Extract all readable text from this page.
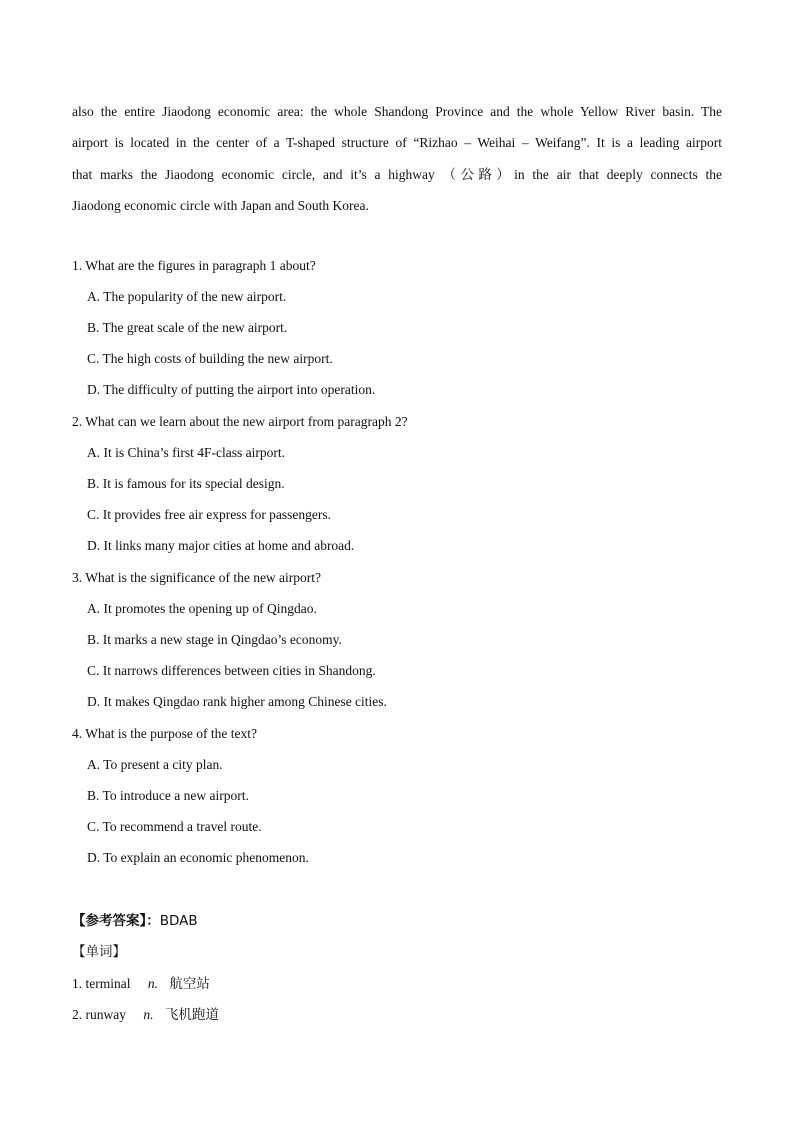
also the entire Jiaodong economic area: the whole Shandong Province and the whole Yellow River basin. The
airport is located in the center of a T-shaped structure of “Rizhao – Weihai – Weifang”. It is a leading airport
that marks the Jiaodong economic circle, and it’s a highway （公路）in the air that deeply connects the
Jiaodong economic circle with Japan and South Korea.
1. What are the figures in paragraph 1 about?
A. The popularity of the new airport.
B. The great scale of the new airport.
C. The high costs of building the new airport.
D. The difficulty of putting the airport into operation.
2. What can we learn about the new airport from paragraph 2?
A. It is China’s first 4F-class airport.
B. It is famous for its special design.
C. It provides free air express for passengers.
D. It links many major cities at home and abroad.
3. What is the significance of the new airport?
A. It promotes the opening up of Qingdao.
B. It marks a new stage in Qingdao’s economy.
C. It narrows differences between cities in Shandong.
D. It makes Qingdao rank higher among Chinese cities.
4. What is the purpose of the text?
A. To present a city plan.
B. To introduce a new airport.
C. To recommend a travel route.
D. To explain an economic phenomenon.
【参考答案】：BDAB
【单词】
1. terminal n. 航空站
2. runway n. 飞机跑道
